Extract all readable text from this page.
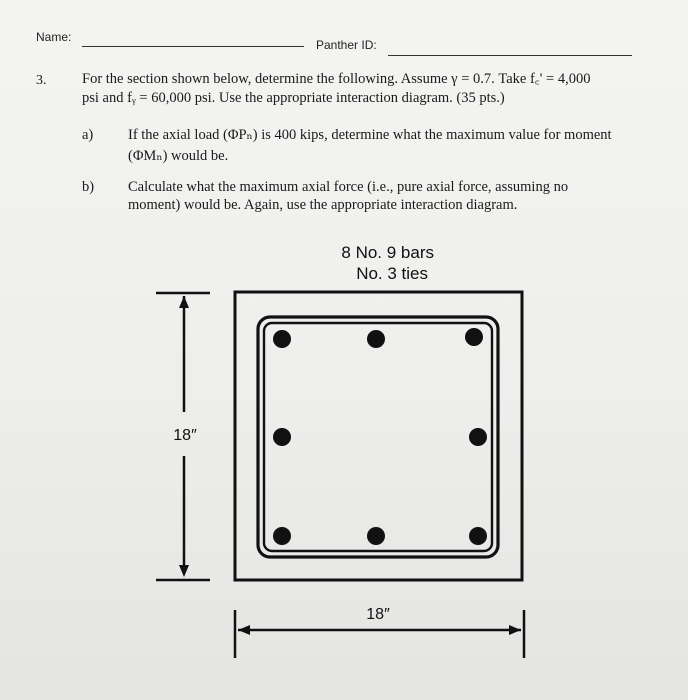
Name:
Panther ID:
3. For the section shown below, determine the following. Assume γ = 0.7. Take f꜀' = 4,000
psi and fᵧ = 60,000 psi. Use the appropriate interaction diagram. (35 pts.)
a) If the axial load (ΦPₙ) is 400 kips, determine what the maximum value for moment
(ΦMₙ) would be.
b) Calculate what the maximum axial force (i.e., pure axial force, assuming no
moment) would be. Again, use the appropriate interaction diagram.
8 No. 9 bars
No. 3 ties
18″
18″
